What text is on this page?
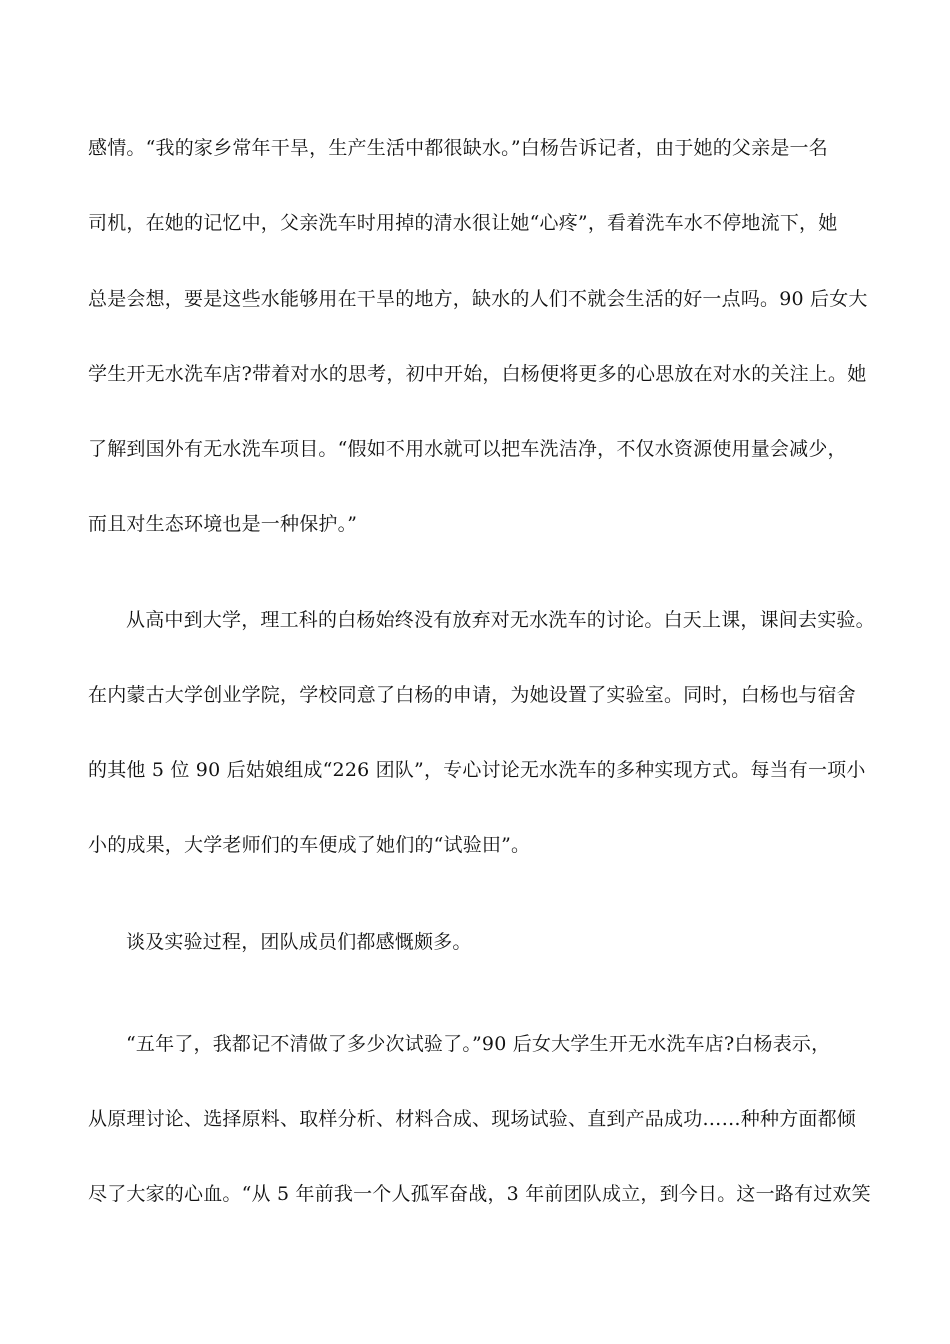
感情。“我的家乡常年干旱，生产生活中都很缺水。”白杨告诉记者，由于她的父亲是一名
司机，在她的记忆中，父亲洗车时用掉的清水很让她“心疼”，看着洗车水不停地流下，她
总是会想，要是这些水能够用在干旱的地方，缺水的人们不就会生活的好一点吗。90 后女大
学生开无水洗车店?带着对水的思考，初中开始，白杨便将更多的心思放在对水的关注上。她
了解到国外有无水洗车项目。“假如不用水就可以把车洗洁净，不仅水资源使用量会减少，
而且对生态环境也是一种保护。”
从高中到大学，理工科的白杨始终没有放弃对无水洗车的讨论。白天上课，课间去实验。
在内蒙古大学创业学院，学校同意了白杨的申请，为她设置了实验室。同时，白杨也与宿舍
的其他 5 位 90 后姑娘组成“226 团队”，专心讨论无水洗车的多种实现方式。每当有一项小
小的成果，大学老师们的车便成了她们的“试验田”。
谈及实验过程，团队成员们都感慨颇多。
“五年了，我都记不清做了多少次试验了。”90 后女大学生开无水洗车店?白杨表示，
从原理讨论、选择原料、取样分析、材料合成、现场试验、直到产品成功……种种方面都倾
尽了大家的心血。“从 5 年前我一个人孤军奋战，3 年前团队成立，到今日。这一路有过欢笑
